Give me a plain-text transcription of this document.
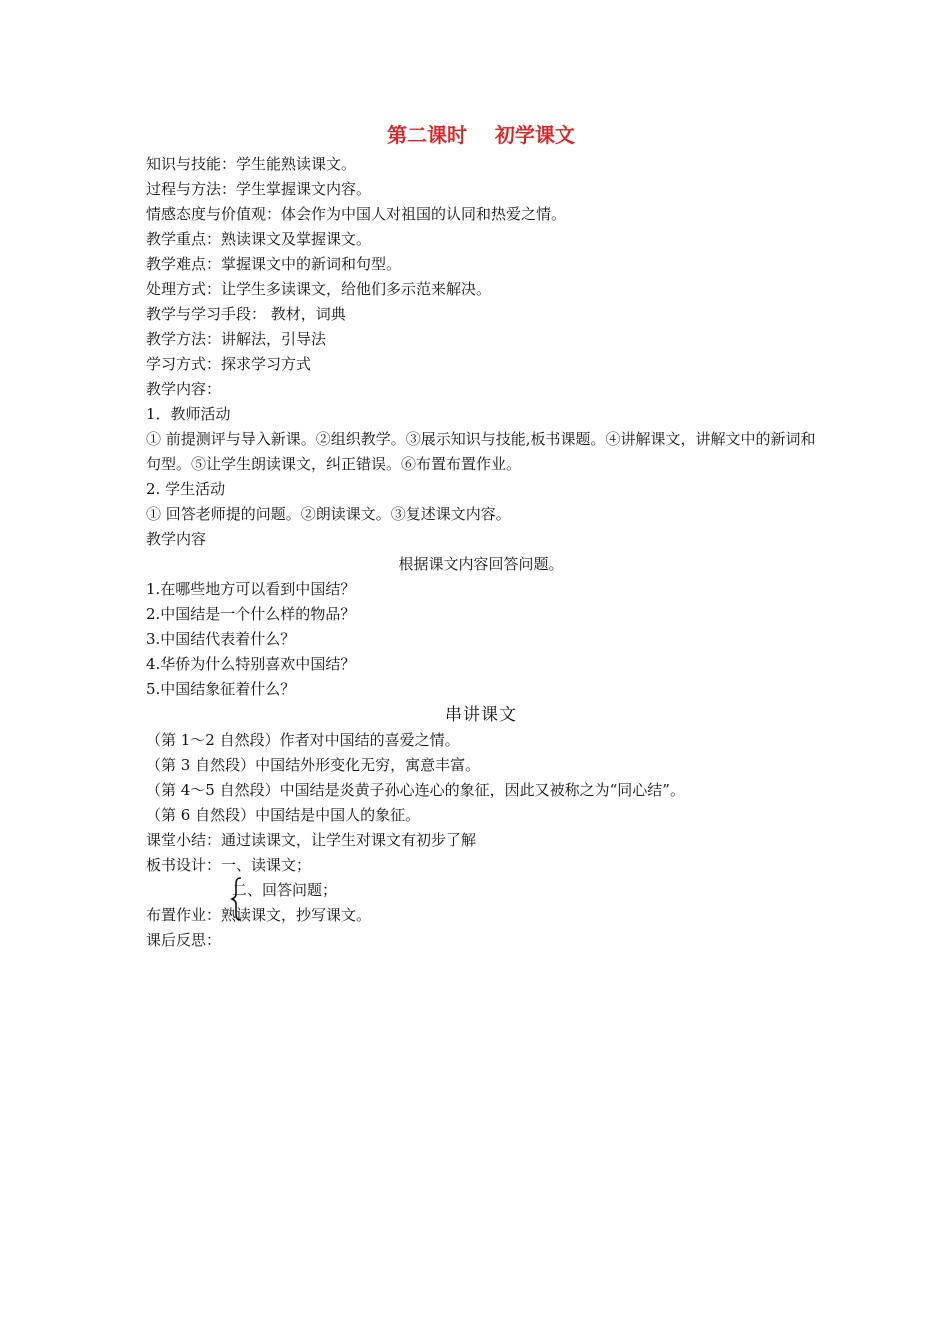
第二课时    初学课文
知识与技能：学生能熟读课文。
过程与方法：学生掌握课文内容。
情感态度与价值观：体会作为中国人对祖国的认同和热爱之情。
教学重点：熟读课文及掌握课文。
教学难点：掌握课文中的新词和句型。
处理方式：让学生多读课文，给他们多示范来解决。
教学与学习手段： 教材，词典
教学方法：讲解法，引导法
学习方式：探求学习方式
教学内容：
1．教师活动
① 前提测评与导入新课。②组织教学。③展示知识与技能,板书课题。④讲解课文，讲解文中的新词和句型。⑤让学生朗读课文，纠正错误。⑥布置布置作业。
2. 学生活动
① 回答老师提的问题。②朗读课文。③复述课文内容。
教学内容
根据课文内容回答问题。
1.在哪些地方可以看到中国结？
2.中国结是一个什么样的物品？
3.中国结代表着什么？
4.华侨为什么特别喜欢中国结？
5.中国结象征着什么？
串讲课文
（第 1～2 自然段）作者对中国结的喜爱之情。
（第 3 自然段）中国结外形变化无穷，寓意丰富。
（第 4～5 自然段）中国结是炎黄子孙心连心的象征，因此又被称之为“同心结”。
（第 6 自然段）中国结是中国人的象征。
课堂小结：通过读课文，让学生对课文有初步了解
板书设计：一、读课文；
二、回答问题；

布置作业：熟读课文，抄写课文。
课后反思：
